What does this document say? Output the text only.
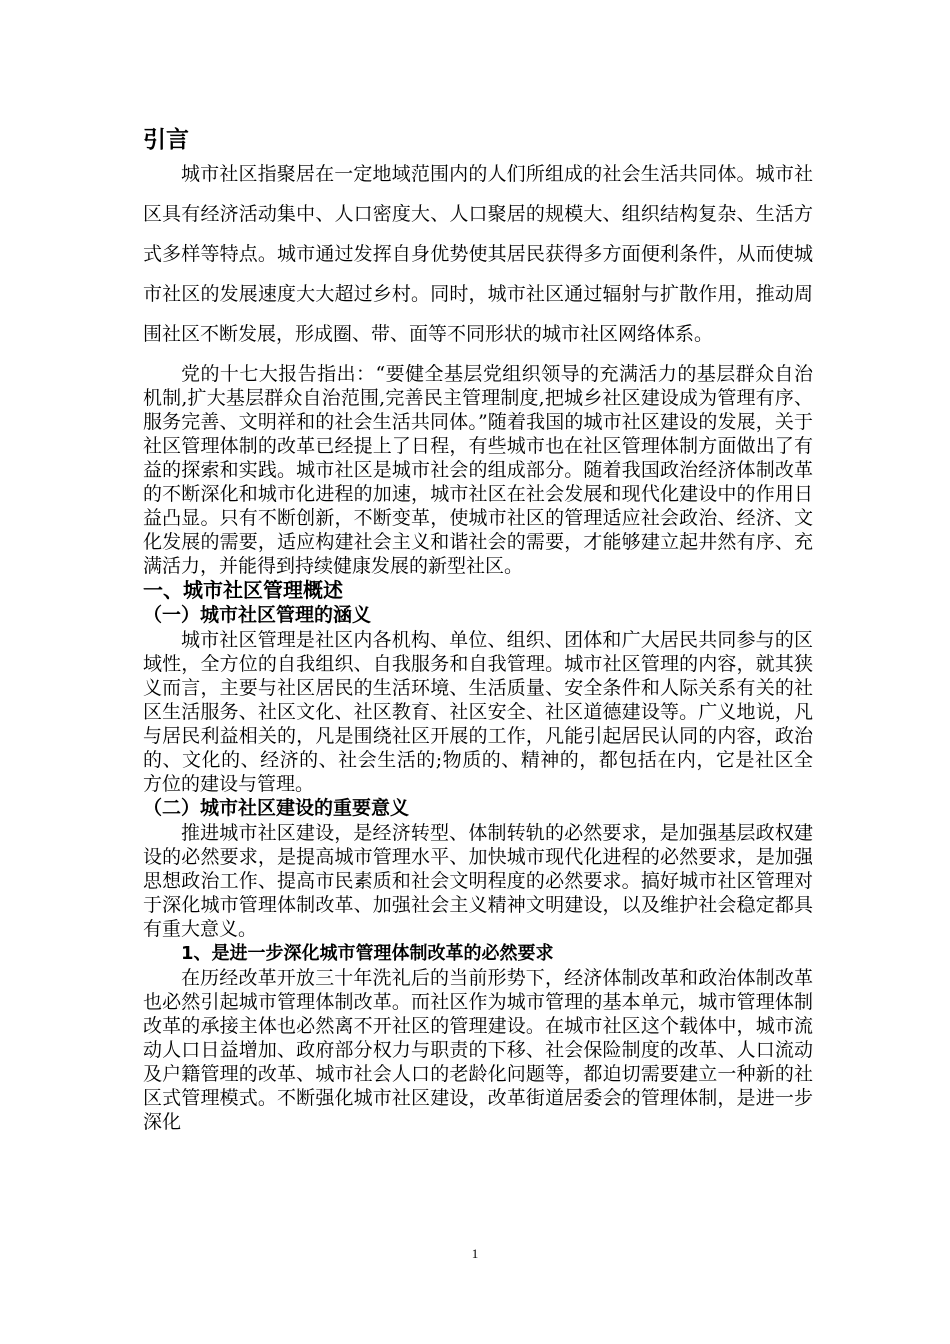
引言

城市社区指聚居在一定地域范围内的人们所组成的社会生活共同体。城市社区具有经济活动集中、人口密度大、人口聚居的规模大、组织结构复杂、生活方式多样等特点。城市通过发挥自身优势使其居民获得多方面便利条件，从而使城市社区的发展速度大大超过乡村。同时，城市社区通过辐射与扩散作用，推动周围社区不断发展，形成圈、带、面等不同形状的城市社区网络体系。

党的十七大报告指出：“要健全基层党组织领导的充满活力的基层群众自治机制,扩大基层群众自治范围,完善民主管理制度,把城乡社区建设成为管理有序、服务完善、文明祥和的社会生活共同体。”随着我国的城市社区建设的发展，关于社区管理体制的改革已经提上了日程，有些城市也在社区管理体制方面做出了有益的探索和实践。城市社区是城市社会的组成部分。随着我国政治经济体制改革的不断深化和城市化进程的加速，城市社区在社会发展和现代化建设中的作用日益凸显。只有不断创新，不断变革，使城市社区的管理适应社会政治、经济、文化发展的需要，适应构建社会主义和谐社会的需要，才能够建立起井然有序、充满活力，并能得到持续健康发展的新型社区。

一、城市社区管理概述
（一）城市社区管理的涵义

城市社区管理是社区内各机构、单位、组织、团体和广大居民共同参与的区域性，全方位的自我组织、自我服务和自我管理。城市社区管理的内容，就其狭义而言，主要与社区居民的生活环境、生活质量、安全条件和人际关系有关的社区生活服务、社区文化、社区教育、社区安全、社区道德建设等。广义地说，凡与居民利益相关的，凡是围绕社区开展的工作，凡能引起居民认同的内容，政治的、文化的、经济的、社会生活的;物质的、精神的，都包括在内，它是社区全方位的建设与管理。

（二）城市社区建设的重要意义

推进城市社区建设，是经济转型、体制转轨的必然要求，是加强基层政权建设的必然要求，是提高城市管理水平、加快城市现代化进程的必然要求，是加强思想政治工作、提高市民素质和社会文明程度的必然要求。搞好城市社区管理对于深化城市管理体制改革、加强社会主义精神文明建设，以及维护社会稳定都具有重大意义。

1、是进一步深化城市管理体制改革的必然要求

在历经改革开放三十年洗礼后的当前形势下，经济体制改革和政治体制改革也必然引起城市管理体制改革。而社区作为城市管理的基本单元，城市管理体制改革的承接主体也必然离不开社区的管理建设。在城市社区这个载体中，城市流动人口日益增加、政府部分权力与职责的下移、社会保险制度的改革、人口流动及户籍管理的改革、城市社会人口的老龄化问题等，都迫切需要建立一种新的社区式管理模式。不断强化城市社区建设，改革街道居委会的管理体制，是进一步深化

1
